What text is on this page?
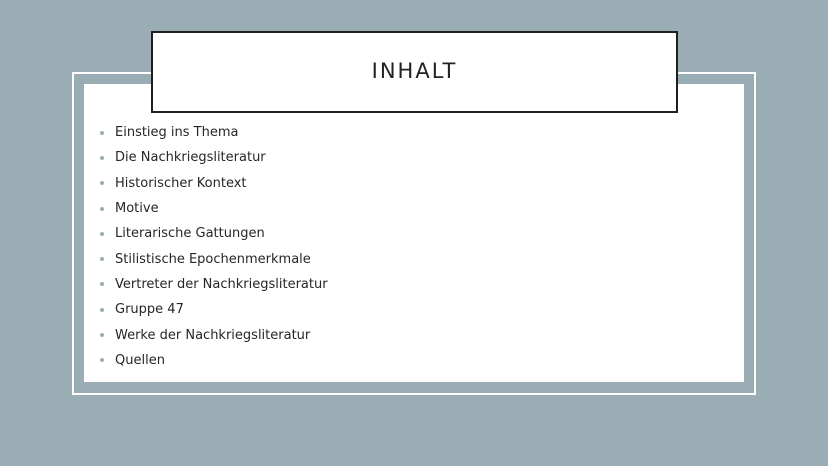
INHALT
Einstieg ins Thema
Die Nachkriegsliteratur
Historischer Kontext
Motive
Literarische Gattungen
Stilistische Epochenmerkmale
Vertreter der Nachkriegsliteratur
Gruppe 47
Werke der Nachkriegsliteratur
Quellen
